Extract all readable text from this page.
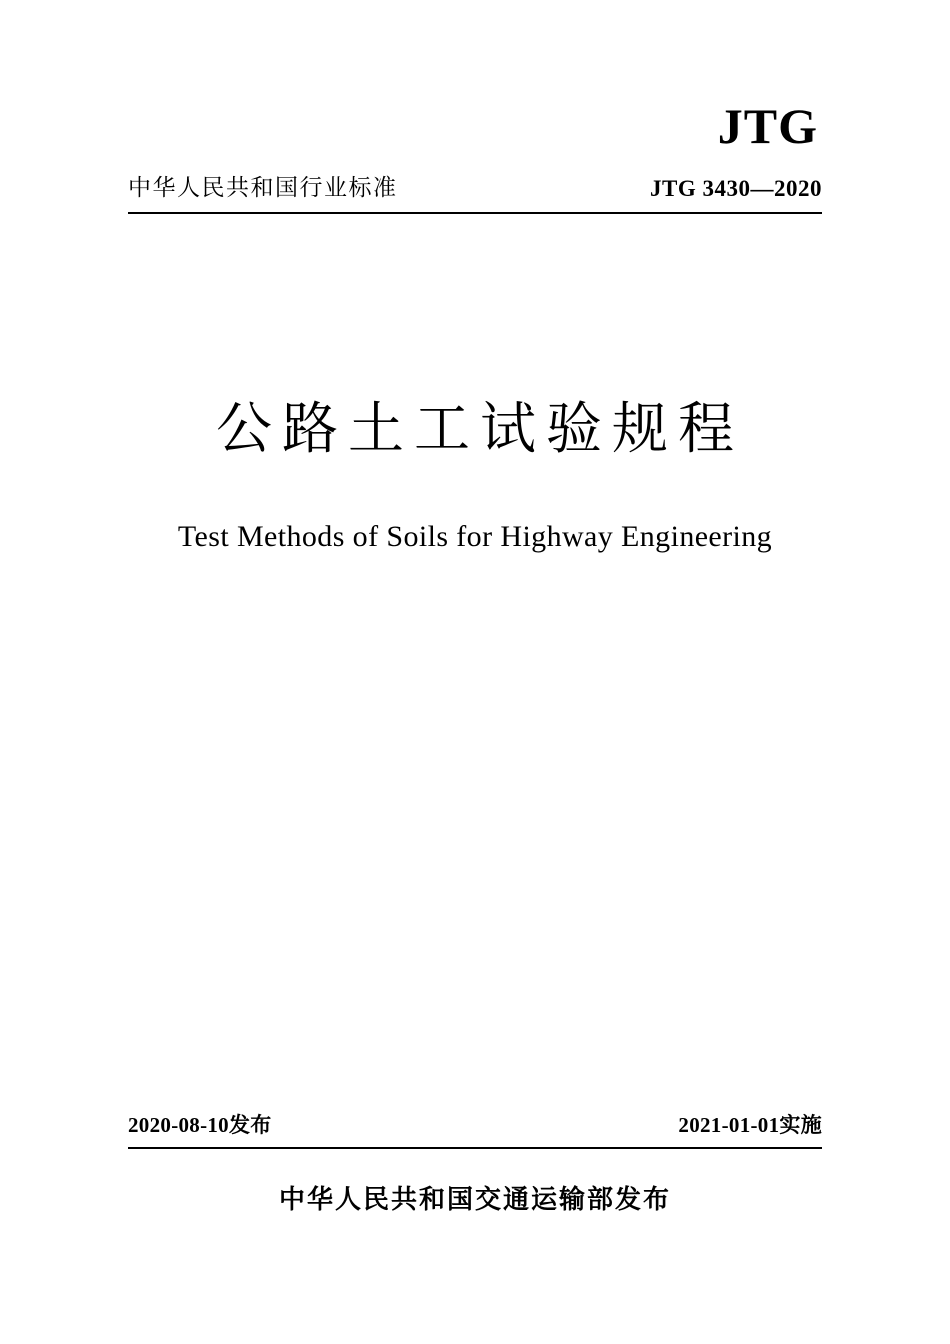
JTG
中华人民共和国行业标准	JTG 3430—2020
公路土工试验规程
Test Methods of Soils for Highway Engineering
2020-08-10发布	2021-01-01实施
中华人民共和国交通运输部发布
